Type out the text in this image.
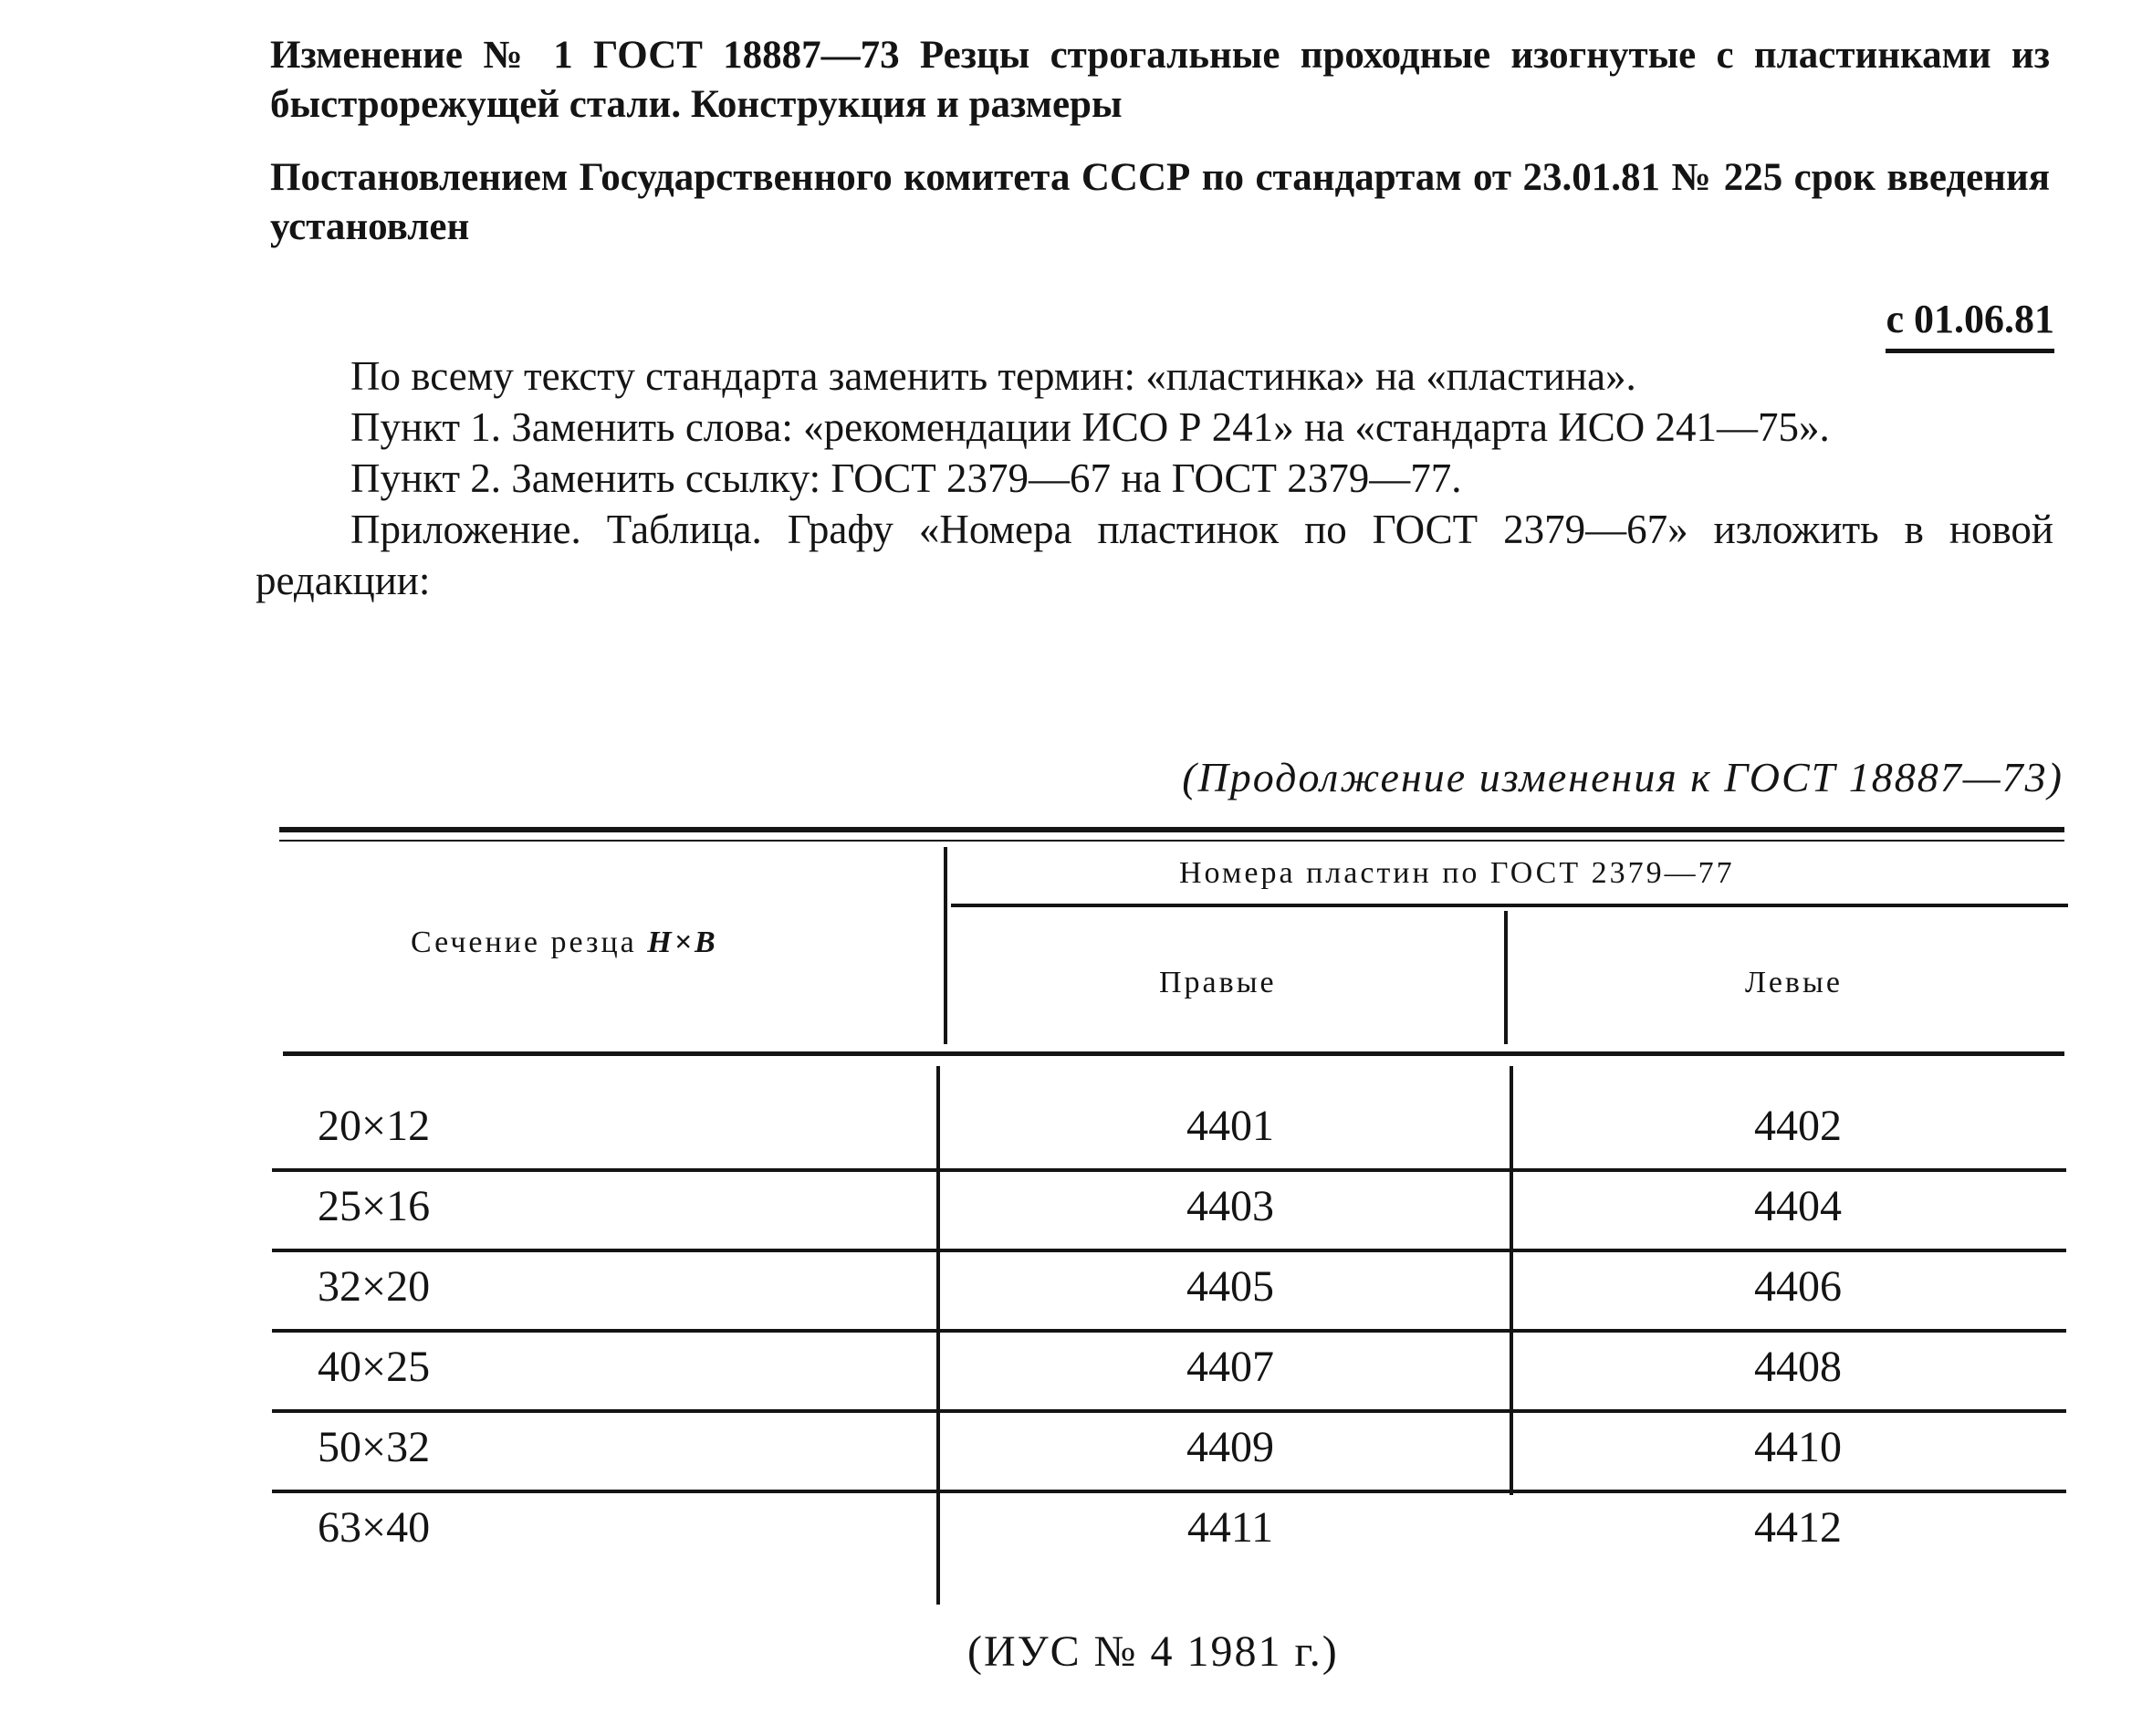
Изменение № 1 ГОСТ 18887—73 Резцы строгальные проходные изогнутые с пластинками из быстрорежущей стали. Конструкция и размеры

Постановлением Государственного комитета СССР по стандартам от 23.01.81 № 225 срок введения установлен

с 01.06.81

По всему тексту стандарта заменить термин: «пластинка» на «пластина».

Пункт 1. Заменить слова: «рекомендации ИСО Р 241» на «стандарта ИСО 241—75».

Пункт 2. Заменить ссылку: ГОСТ 2379—67 на ГОСТ 2379—77.

Приложение. Таблица. Графу «Номера пластинок по ГОСТ 2379—67» изложить в новой редакции:

(Продолжение изменения к ГОСТ 18887—73)
Сечение резца H×B
Номера пластин по ГОСТ 2379—77
Правые	Левые
20×12	4401	4402
25×16	4403	4404
32×20	4405	4406
40×25	4407	4408
50×32	4409	4410
63×40	4411	4412
(ИУС № 4 1981 г.)
